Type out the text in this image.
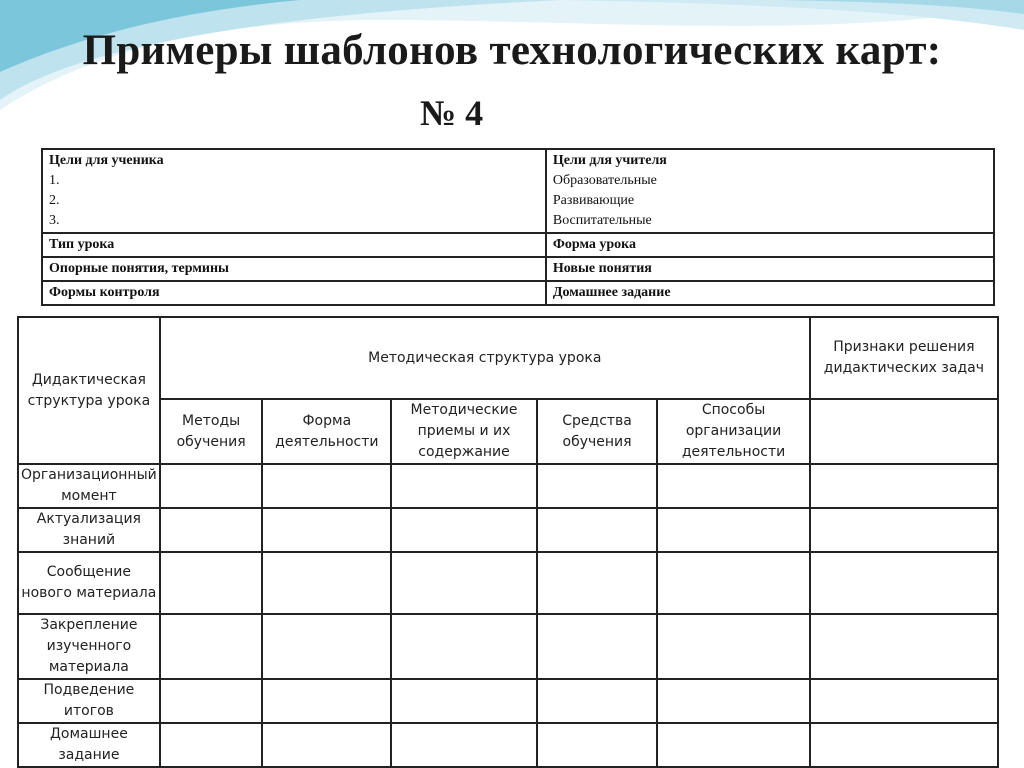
Примеры шаблонов технологических карт:
№ 4
Цели для ученика
1.
2.
3.	Цели для учителя
Образовательные
Развивающие
Воспитательные

Тип урока	Форма урока

Опорные понятия, термины	Новые понятия

Формы контроля	Домашнее задание
Дидактическая структура урока	Методическая структура урока					Признаки решения дидактических задач
	Методы обучения	Форма деятельности	Методические приемы и их содержание	Средства обучения	Способы организации деятельности	
Организационный момент						
Актуализация знаний						
Сообщение нового материала						
Закрепление изученного материала						
Подведение итогов						
Домашнее задание						
